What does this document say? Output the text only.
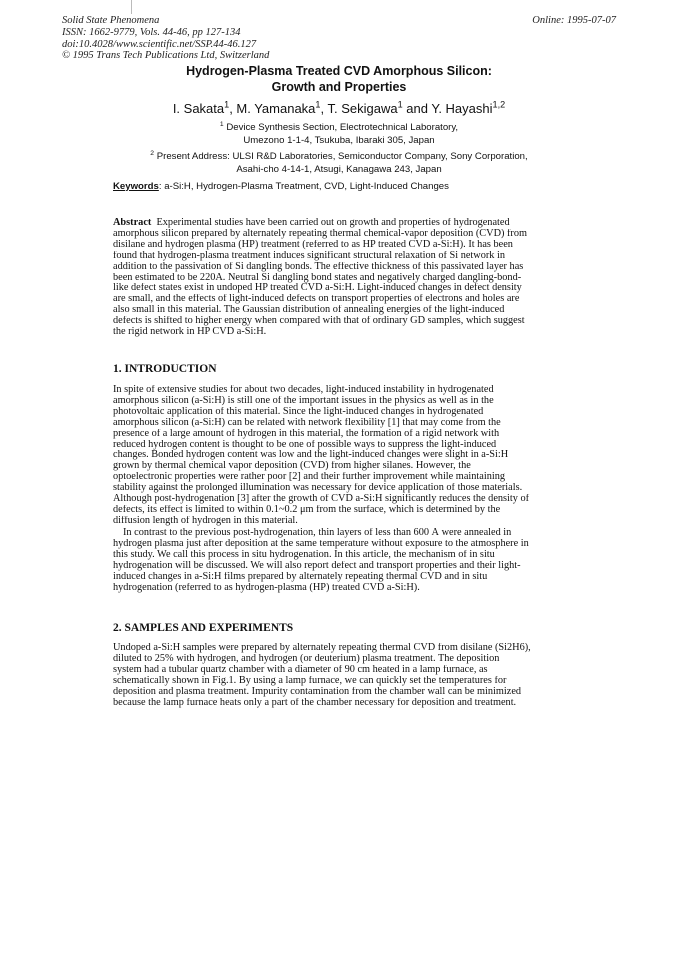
Solid State Phenomena
ISSN: 1662-9779, Vols. 44-46, pp 127-134
doi:10.4028/www.scientific.net/SSP.44-46.127
© 1995 Trans Tech Publications Ltd, Switzerland
Online: 1995-07-07
Hydrogen-Plasma Treated CVD Amorphous Silicon:
Growth and Properties
I. Sakata$^1$, M. Yamanaka$^1$, T. Sekigawa$^1$ and Y. Hayashi$^{1,2}$
$^1$ Device Synthesis Section, Electrotechnical Laboratory,
Umezono 1-1-4, Tsukuba, Ibaraki 305, Japan
$^2$ Present Address: ULSI R&D Laboratories, Semiconductor Company, Sony Corporation,
Asahi-cho 4-14-1, Atsugi, Kanagawa 243, Japan
Keywords: a-Si:H, Hydrogen-Plasma Treatment, CVD, Light-Induced Changes
Abstract Experimental studies have been carried out on growth and properties of hydrogenated
amorphous silicon prepared by alternately repeating thermal chemical-vapor deposition (CVD) from
disilane and hydrogen plasma (HP) treatment (referred to as HP treated CVD a-Si:H). It has been
found that hydrogen-plasma treatment induces significant structural relaxation of Si network in
addition to the passivation of Si dangling bonds. The effective thickness of this passivated layer has
been estimated to be 220Å. Neutral Si dangling bond states and negatively charged dangling-bond-
like defect states exist in undoped HP treated CVD a-Si:H. Light-induced changes in defect density
are small, and the effects of light-induced defects on transport properties of electrons and holes are
also small in this material. The Gaussian distribution of annealing energies of the light-induced
defects is shifted to higher energy when compared with that of ordinary GD samples, which suggest
the rigid network in HP CVD a-Si:H.
1. INTRODUCTION
In spite of extensive studies for about two decades, light-induced instability in hydrogenated
amorphous silicon (a-Si:H) is still one of the important issues in the physics as well as in the
photovoltaic application of this material. Since the light-induced changes in hydrogenated
amorphous silicon (a-Si:H) can be related with network flexibility [1] that may come from the
presence of a large amount of hydrogen in this material, the formation of a rigid network with
reduced hydrogen content is thought to be one of possible ways to suppress the light-induced
changes. Bonded hydrogen content was low and the light-induced changes were slight in a-Si:H
grown by thermal chemical vapor deposition (CVD) from higher silanes. However, the
optoelectronic properties were rather poor [2] and their further improvement while maintaining
stability against the prolonged illumination was necessary for device application of those materials.
Although post-hydrogenation [3] after the growth of CVD a-Si:H significantly reduces the density of
defects, its effect is limited to within 0.1~0.2 μm from the surface, which is determined by the
diffusion length of hydrogen in this material.
In contrast to the previous post-hydrogenation, thin layers of less than 600 Å were annealed in
hydrogen plasma just after deposition at the same temperature without exposure to the atmosphere in
this study. We call this process in situ hydrogenation. In this article, the mechanism of in situ
hydrogenation will be discussed. We will also report defect and transport properties and their light-
induced changes in a-Si:H films prepared by alternately repeating thermal CVD and in situ
hydrogenation (referred to as hydrogen-plasma (HP) treated CVD a-Si:H).
2. SAMPLES AND EXPERIMENTS
Undoped a-Si:H samples were prepared by alternately repeating thermal CVD from disilane (Si2H6),
diluted to 25% with hydrogen, and hydrogen (or deuterium) plasma treatment. The deposition
system had a tubular quartz chamber with a diameter of 90 cm heated in a lamp furnace, as
schematically shown in Fig.1. By using a lamp furnace, we can quickly set the temperatures for
deposition and plasma treatment. Impurity contamination from the chamber wall can be minimized
because the lamp furnace heats only a part of the chamber necessary for deposition and treatment.
